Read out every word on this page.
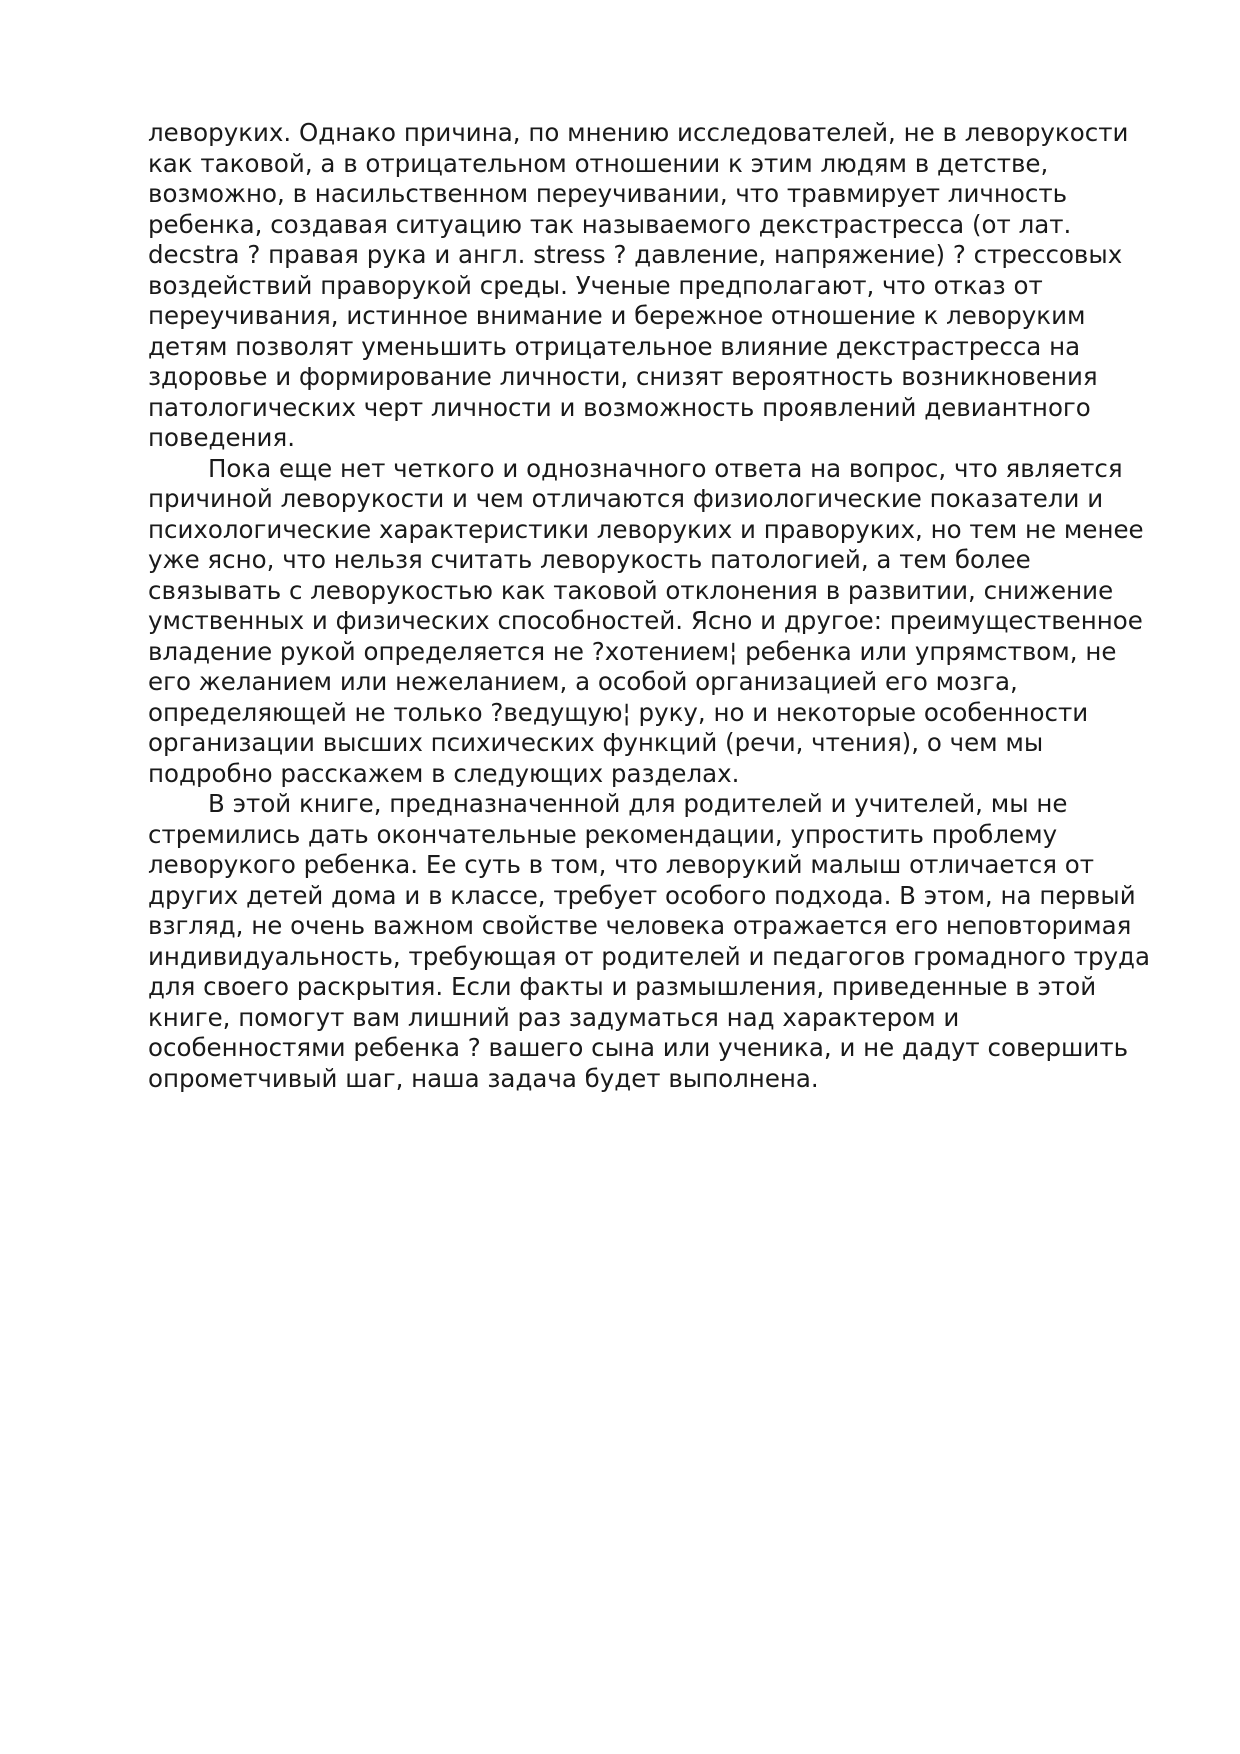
леворуких. Однако причина, по мнению исследователей, не в леворукости
как таковой, а в отрицательном отношении к этим людям в детстве,
возможно, в насильственном переучивании, что травмирует личность
ребенка, создавая ситуацию так называемого декстрастресса (от лат.
decstra ? правая рука и англ. stress ? давление, напряжение) ? стрессовых
воздействий праворукой среды. Ученые предполагают, что отказ от
переучивания, истинное внимание и бережное отношение к леворуким
детям позволят уменьшить отрицательное влияние декстрастресса на
здоровье и формирование личности, снизят вероятность возникновения
патологических черт личности и возможность проявлений девиантного
поведения.
Пока еще нет четкого и однозначного ответа на вопрос, что является
причиной леворукости и чем отличаются физиологические показатели и
психологические характеристики леворуких и праворуких, но тем не менее
уже ясно, что нельзя считать леворукость патологией, а тем более
связывать с леворукостью как таковой отклонения в развитии, снижение
умственных и физических способностей. Ясно и другое: преимущественное
владение рукой определяется не ?хотением¦ ребенка или упрямством, не
его желанием или нежеланием, а особой организацией его мозга,
определяющей не только ?ведущую¦ руку, но и некоторые особенности
организации высших психических функций (речи, чтения), о чем мы
подробно расскажем в следующих разделах.
В этой книге, предназначенной для родителей и учителей, мы не
стремились дать окончательные рекомендации, упростить проблему
леворукого ребенка. Ее суть в том, что леворукий малыш отличается от
других детей дома и в классе, требует особого подхода. В этом, на первый
взгляд, не очень важном свойстве человека отражается его неповторимая
индивидуальность, требующая от родителей и педагогов громадного труда
для своего раскрытия. Если факты и размышления, приведенные в этой
книге, помогут вам лишний раз задуматься над характером и
особенностями ребенка ? вашего сына или ученика, и не дадут совершить
опрометчивый шаг, наша задача будет выполнена.
